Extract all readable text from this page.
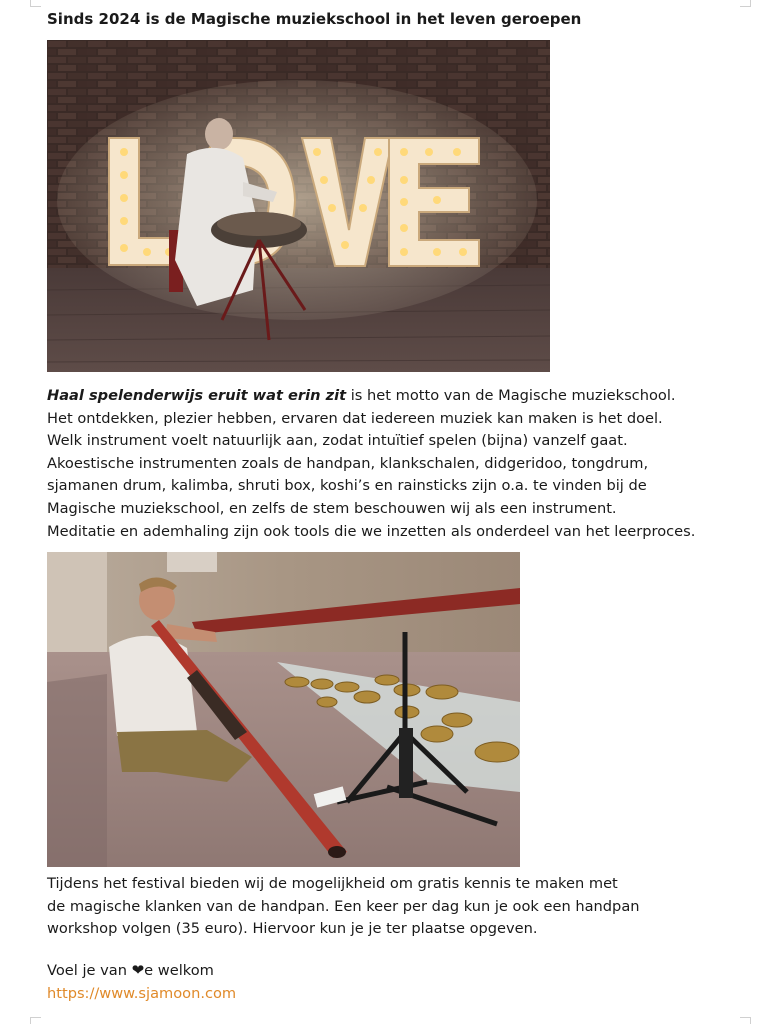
Sinds 2024 is de Magische muziekschool in het leven geroepen
Haal spelenderwijs eruit wat erin zit is het motto van de Magische muziekschool.
Het ontdekken, plezier hebben, ervaren dat iedereen muziek kan maken is het doel.
Welk instrument voelt natuurlijk aan, zodat intuïtief spelen (bijna) vanzelf gaat.
Akoestische instrumenten zoals de handpan, klankschalen, didgeridoo, tongdrum,
sjamanen drum, kalimba, shruti box, koshi’s en rainsticks zijn o.a. te vinden bij de
Magische muziekschool, en zelfs de stem beschouwen wij als een instrument.
Meditatie en ademhaling zijn ook tools die we inzetten als onderdeel van het leerproces.
Tijdens het festival bieden wij de mogelijkheid om gratis kennis te maken met
de magische klanken van de handpan. Een keer per dag kun je ook een handpan
workshop volgen (35 euro). Hiervoor kun je je ter plaatse opgeven.
Voel je van ❤e welkom
https://www.sjamoon.com
